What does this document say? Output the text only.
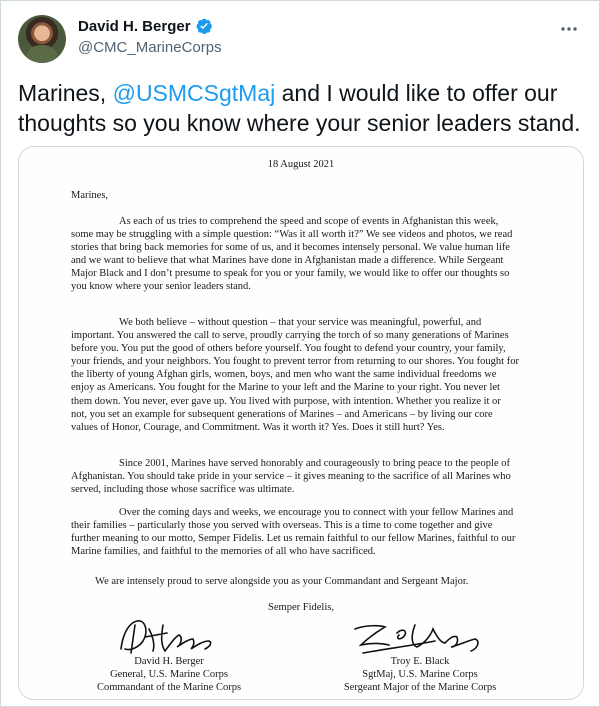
David H. Berger
@CMC_MarineCorps
Marines, @USMCSgtMaj and I would like to offer our thoughts so you know where your senior leaders stand.
18 August 2021
Marines,

As each of us tries to comprehend the speed and scope of events in Afghanistan this week, some may be struggling with a simple question: “Was it all worth it?” We see videos and photos, we read stories that bring back memories for some of us, and it becomes intensely personal. We value human life and we want to believe that what Marines have done in Afghanistan made a difference. While Sergeant Major Black and I don’t presume to speak for you or your family, we would like to offer our thoughts so you know where your senior leaders stand.

We both believe – without question – that your service was meaningful, powerful, and important. You answered the call to serve, proudly carrying the torch of so many generations of Marines before you. You put the good of others before yourself. You fought to defend your country, your family, your friends, and your neighbors. You fought to prevent terror from returning to our shores. You fought for the liberty of young Afghan girls, women, boys, and men who want the same individual freedoms we enjoy as Americans. You fought for the Marine to your left and the Marine to your right. You never let them down. You never, ever gave up. You lived with purpose, with intention. Whether you realize it or not, you set an example for subsequent generations of Marines – and Americans – by living our core values of Honor, Courage, and Commitment. Was it worth it? Yes. Does it still hurt? Yes.

Since 2001, Marines have served honorably and courageously to bring peace to the people of Afghanistan. You should take pride in your service – it gives meaning to the sacrifice of all Marines who served, including those whose sacrifice was ultimate.

Over the coming days and weeks, we encourage you to connect with your fellow Marines and their families – particularly those you served with overseas. This is a time to come together and give further meaning to our motto, Semper Fidelis. Let us remain faithful to our fellow Marines, faithful to our Marine families, and faithful to the memories of all who have sacrificed.

We are intensely proud to serve alongside you as your Commandant and Sergeant Major.

Semper Fidelis,
David H. Berger
General, U.S. Marine Corps
Commandant of the Marine Corps
Troy E. Black
SgtMaj, U.S. Marine Corps
Sergeant Major of the Marine Corps
